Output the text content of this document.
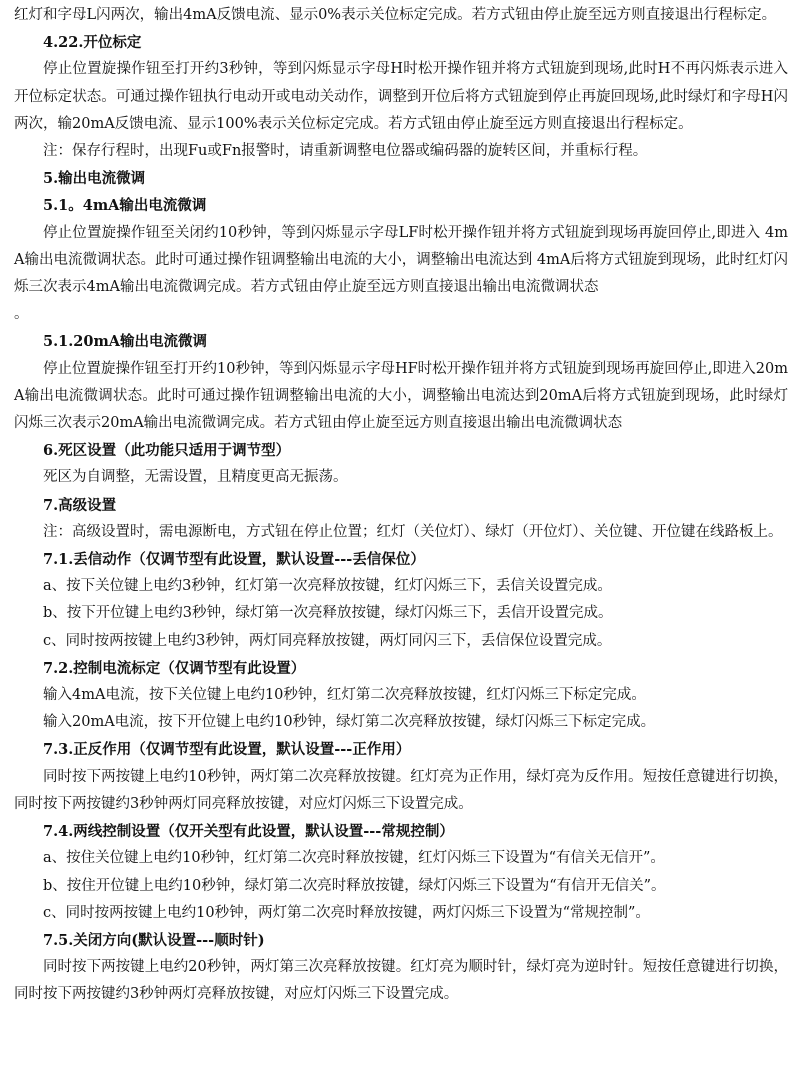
红灯和字母L闪两次，输出4mA反馈电流、显示0%表示关位标定完成。若方式钮由停止旋至远方则直接退出行程标定。

4.22.开位标定

停止位置旋操作钮至打开约3秒钟，等到闪烁显示字母H时松开操作钮并将方式钮旋到现场,此时H不再闪烁表示进入开位标定状态。可通过操作钮执行电动开或电动关动作，调整到开位后将方式钮旋到停止再旋回现场,此时绿灯和字母H闪两次，输20mA反馈电流、显示100%表示关位标定完成。若方式钮由停止旋至远方则直接退出行程标定。

注：保存行程时，出现Fu或Fn报警时，请重新调整电位器或编码器的旋转区间，并重标行程。

5.输出电流微调

5.1。4mA输出电流微调

停止位置旋操作钮至关闭约10秒钟，等到闪烁显示字母LF时松开操作钮并将方式钮旋到现场再旋回停止,即进入 4mA输出电流微调状态。此时可通过操作钮调整输出电流的大小，调整输出电流达到 4mA后将方式钮旋到现场，此时红灯闪烁三次表示4mA输出电流微调完成。若方式钮由停止旋至远方则直接退出输出电流微调状态

。

5.1.20mA输出电流微调

停止位置旋操作钮至打开约10秒钟，等到闪烁显示字母HF时松开操作钮并将方式钮旋到现场再旋回停止,即进入20mA输出电流微调状态。此时可通过操作钮调整输出电流的大小，调整输出电流达到20mA后将方式钮旋到现场，此时绿灯闪烁三次表示20mA输出电流微调完成。若方式钮由停止旋至远方则直接退出输出电流微调状态

6.死区设置（此功能只适用于调节型）

死区为自调整，无需设置，且精度更高无振荡。

7.高级设置

注：高级设置时，需电源断电，方式钮在停止位置；红灯（关位灯）、绿灯（开位灯）、关位键、开位键在线路板上。

7.1.丢信动作（仅调节型有此设置，默认设置---丢信保位）

a、按下关位键上电约3秒钟，红灯第一次亮释放按键，红灯闪烁三下，丢信关设置完成。

b、按下开位键上电约3秒钟，绿灯第一次亮释放按键，绿灯闪烁三下，丢信开设置完成。

c、同时按两按键上电约3秒钟，两灯同亮释放按键，两灯同闪三下，丢信保位设置完成。

7.2.控制电流标定（仅调节型有此设置）

输入4mA电流，按下关位键上电约10秒钟，红灯第二次亮释放按键，红灯闪烁三下标定完成。

输入20mA电流，按下开位键上电约10秒钟，绿灯第二次亮释放按键，绿灯闪烁三下标定完成。

7.3.正反作用（仅调节型有此设置，默认设置---正作用）

同时按下两按键上电约10秒钟，两灯第二次亮释放按键。红灯亮为正作用，绿灯亮为反作用。短按任意键进行切换，同时按下两按键约3秒钟两灯同亮释放按键，对应灯闪烁三下设置完成。

7.4.两线控制设置（仅开关型有此设置，默认设置---常规控制）

a、按住关位键上电约10秒钟，红灯第二次亮时释放按键，红灯闪烁三下设置为“有信关无信开”。

b、按住开位键上电约10秒钟，绿灯第二次亮时释放按键，绿灯闪烁三下设置为“有信开无信关”。

c、同时按两按键上电约10秒钟，两灯第二次亮时释放按键，两灯闪烁三下设置为“常规控制”。

7.5.关闭方向(默认设置---顺时针)

同时按下两按键上电约20秒钟，两灯第三次亮释放按键。红灯亮为顺时针，绿灯亮为逆时针。短按任意键进行切换，同时按下两按键约3秒钟两灯亮释放按键，对应灯闪烁三下设置完成。
